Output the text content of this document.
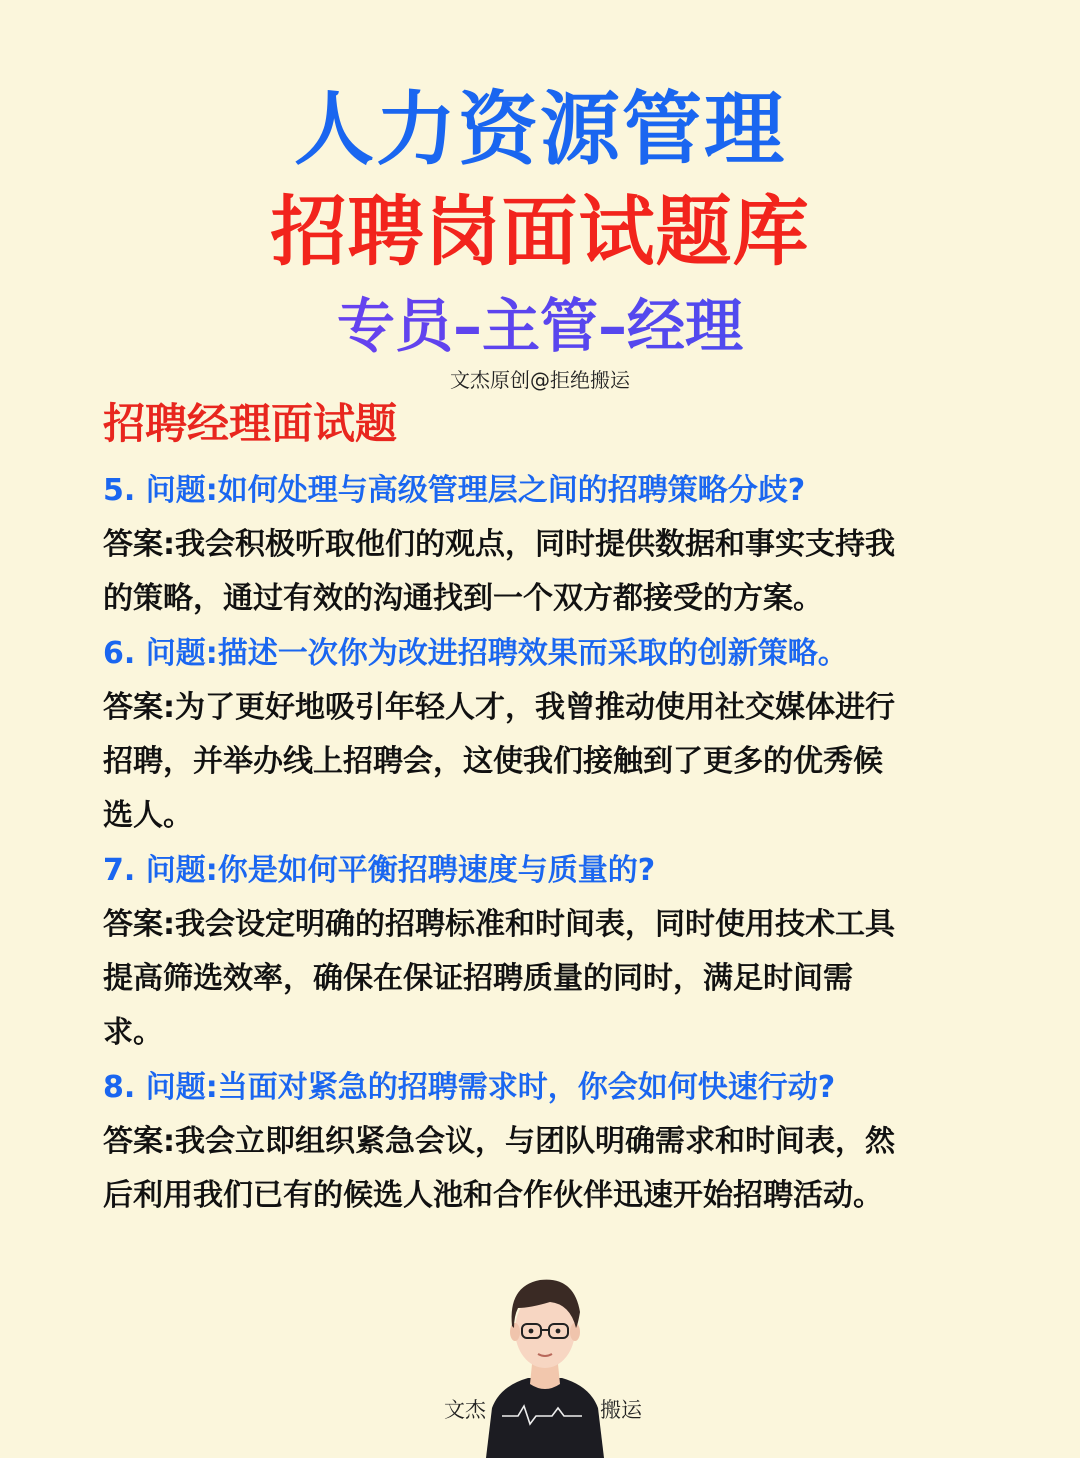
人力资源管理
招聘岗面试题库
专员–主管–经理
文杰原创@拒绝搬运
招聘经理面试题
5. 问题:如何处理与高级管理层之间的招聘策略分歧?
答案:我会积极听取他们的观点，同时提供数据和事实支持我
的策略，通过有效的沟通找到一个双方都接受的方案。
6. 问题:描述一次你为改进招聘效果而采取的创新策略。
答案:为了更好地吸引年轻人才，我曾推动使用社交媒体进行
招聘，并举办线上招聘会，这使我们接触到了更多的优秀候
选人。
7. 问题:你是如何平衡招聘速度与质量的?
答案:我会设定明确的招聘标准和时间表，同时使用技术工具
提高筛选效率，确保在保证招聘质量的同时，满足时间需
求。
8. 问题:当面对紧急的招聘需求时，你会如何快速行动?
答案:我会立即组织紧急会议，与团队明确需求和时间表，然
后利用我们已有的候选人池和合作伙伴迅速开始招聘活动。
文杰	搬运
